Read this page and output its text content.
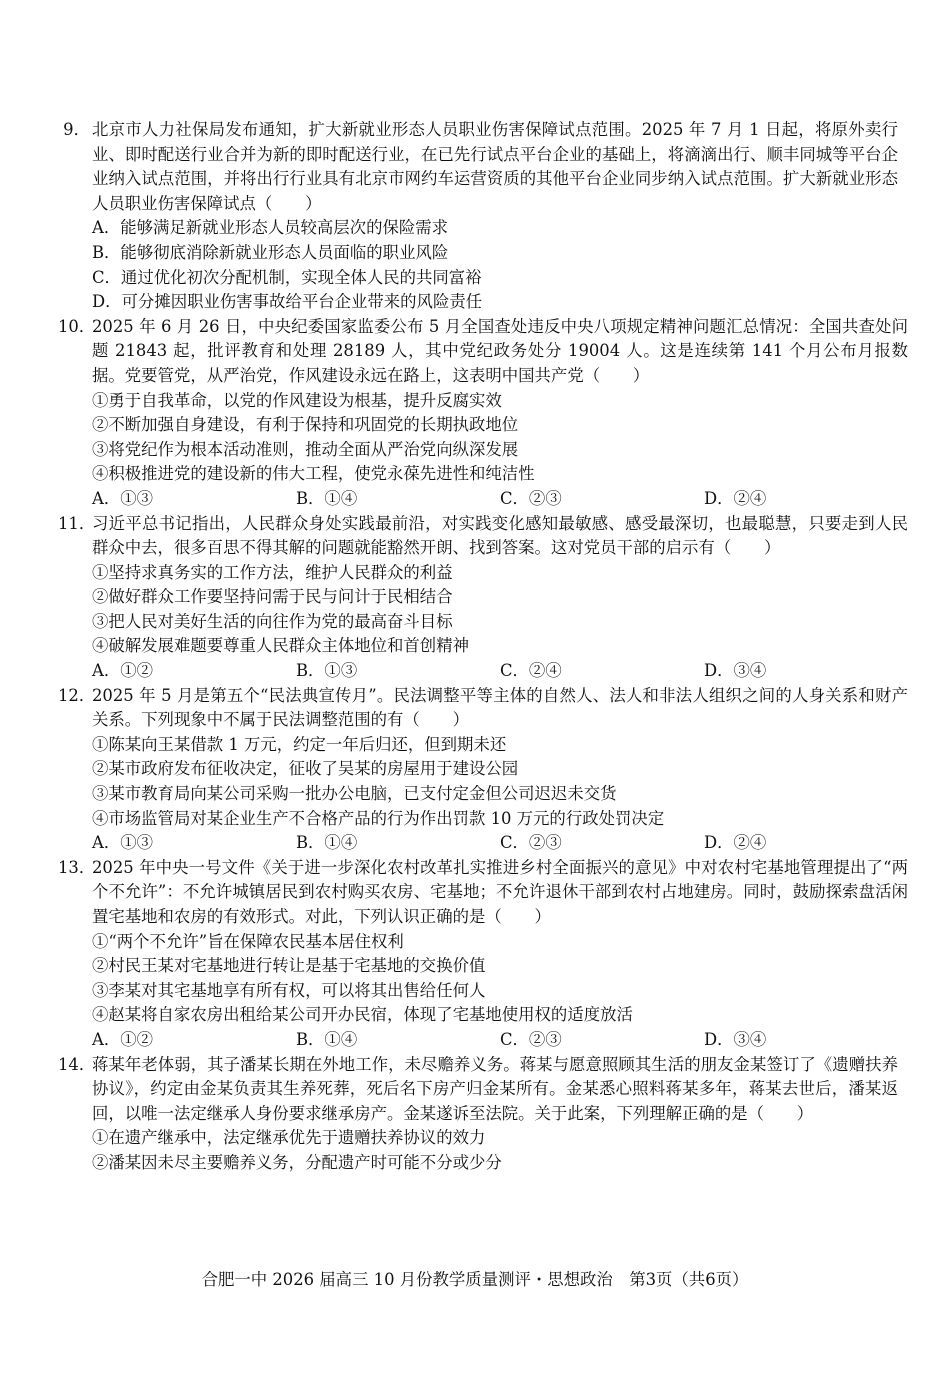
9． 北京市人力社保局发布通知，扩大新就业形态人员职业伤害保障试点范围。2025 年 7 月 1 日起，将原外卖行业、即时配送行业合并为新的即时配送行业，在已先行试点平台企业的基础上，将滴滴出行、顺丰同城等平台企业纳入试点范围，并将出行行业具有北京市网约车运营资质的其他平台企业同步纳入试点范围。扩大新就业形态人员职业伤害保障试点（　　）
A．能够满足新就业形态人员较高层次的保险需求
B．能够彻底消除新就业形态人员面临的职业风险
C．通过优化初次分配机制，实现全体人民的共同富裕
D．可分摊因职业伤害事故给平台企业带来的风险责任
10．
2025 年 6 月 26 日，中央纪委国家监委公布 5 月全国查处违反中央八项规定精神问题汇总情况：全国共查处问题 21843 起，批评教育和处理 28189 人，其中党纪政务处分 19004 人。这是连续第 141 个月公布月报数据。党要管党，从严治党，作风建设永远在路上，这表明中国共产党（　　）
①勇于自我革命，以党的作风建设为根基，提升反腐实效
②不断加强自身建设，有利于保持和巩固党的长期执政地位
③将党纪作为根本活动准则，推动全面从严治党向纵深发展
④积极推进党的建设新的伟大工程，使党永葆先进性和纯洁性
A．①③	B．①④	C．②③	D．②④
11．
习近平总书记指出，人民群众身处实践最前沿，对实践变化感知最敏感、感受最深切，也最聪慧，只要走到人民群众中去，很多百思不得其解的问题就能豁然开朗、找到答案。这对党员干部的启示有（　　）
①坚持求真务实的工作方法，维护人民群众的利益
②做好群众工作要坚持问需于民与问计于民相结合
③把人民对美好生活的向往作为党的最高奋斗目标
④破解发展难题要尊重人民群众主体地位和首创精神
A．①②	B．①③	C．②④	D．③④
12．
2025 年 5 月是第五个“民法典宣传月”。民法调整平等主体的自然人、法人和非法人组织之间的人身关系和财产关系。下列现象中不属于民法调整范围的有（　　）
①陈某向王某借款 1 万元，约定一年后归还，但到期未还
②某市政府发布征收决定，征收了吴某的房屋用于建设公园
③某市教育局向某公司采购一批办公电脑，已支付定金但公司迟迟未交货
④市场监管局对某企业生产不合格产品的行为作出罚款 10 万元的行政处罚决定
A．①③	B．①④	C．②③	D．②④
13．
2025 年中央一号文件《关于进一步深化农村改革扎实推进乡村全面振兴的意见》中对农村宅基地管理提出了“两个不允许”：不允许城镇居民到农村购买农房、宅基地；不允许退休干部到农村占地建房。同时，鼓励探索盘活闲置宅基地和农房的有效形式。对此，下列认识正确的是（　　）
①“两个不允许”旨在保障农民基本居住权利
②村民王某对宅基地进行转让是基于宅基地的交换价值
③李某对其宅基地享有所有权，可以将其出售给任何人
④赵某将自家农房出租给某公司开办民宿，体现了宅基地使用权的适度放活
A．①②	B．①④	C．②③	D．③④
14．
蒋某年老体弱，其子潘某长期在外地工作，未尽赡养义务。蒋某与愿意照顾其生活的朋友金某签订了《遗赠扶养协议》，约定由金某负责其生养死葬，死后名下房产归金某所有。金某悉心照料蒋某多年，蒋某去世后，潘某返回，以唯一法定继承人身份要求继承房产。金某遂诉至法院。关于此案，下列理解正确的是（　　）
①在遗产继承中，法定继承优先于遗赠扶养协议的效力
②潘某因未尽主要赡养义务，分配遗产时可能不分或少分
合肥一中 2026 届高三 10 月份教学质量测评・思想政治　第3页（共6页）
